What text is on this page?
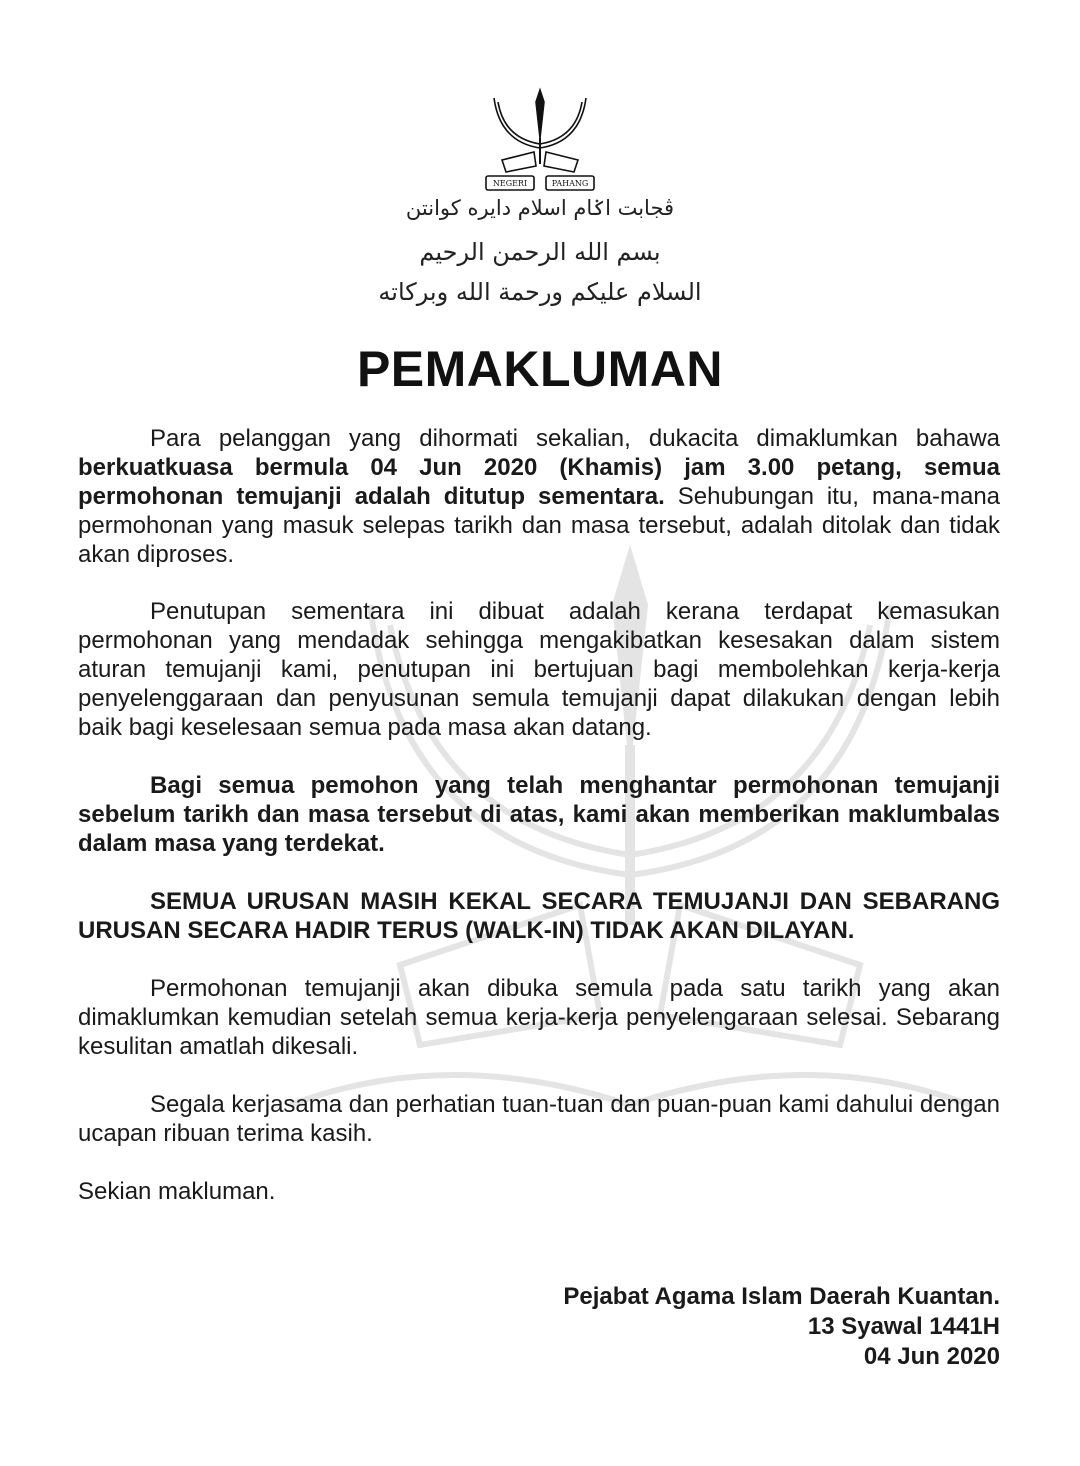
NEGERI	PAHANG
ڤجابت اݢام اسلام دايره كوانتن
بسم الله الرحمن الرحيم
السلام عليكم ورحمة الله وبركاته
PEMAKLUMAN

Para pelanggan yang dihormati sekalian, dukacita dimaklumkan bahawa berkuatkuasa bermula 04 Jun 2020 (Khamis) jam 3.00 petang, semua permohonan temujanji adalah ditutup sementara. Sehubungan itu, mana-mana permohonan yang masuk selepas tarikh dan masa tersebut, adalah ditolak dan tidak akan diproses.

Penutupan sementara ini dibuat adalah kerana terdapat kemasukan permohonan yang mendadak sehingga mengakibatkan kesesakan dalam sistem aturan temujanji kami, penutupan ini bertujuan bagi membolehkan kerja-kerja penyelenggaraan dan penyusunan semula temujanji dapat dilakukan dengan lebih baik bagi keselesaan semua pada masa akan datang.

Bagi semua pemohon yang telah menghantar permohonan temujanji sebelum tarikh dan masa tersebut di atas, kami akan memberikan maklumbalas dalam masa yang terdekat.

SEMUA URUSAN MASIH KEKAL SECARA TEMUJANJI DAN SEBARANG URUSAN SECARA HADIR TERUS (WALK-IN) TIDAK AKAN DILAYAN.

Permohonan temujanji akan dibuka semula pada satu tarikh yang akan dimaklumkan kemudian setelah semua kerja-kerja penyelengaraan selesai. Sebarang kesulitan amatlah dikesali.

Segala kerjasama dan perhatian tuan-tuan dan puan-puan kami dahului dengan ucapan ribuan terima kasih.

Sekian makluman.

Pejabat Agama Islam Daerah Kuantan.
13 Syawal 1441H
04 Jun 2020
